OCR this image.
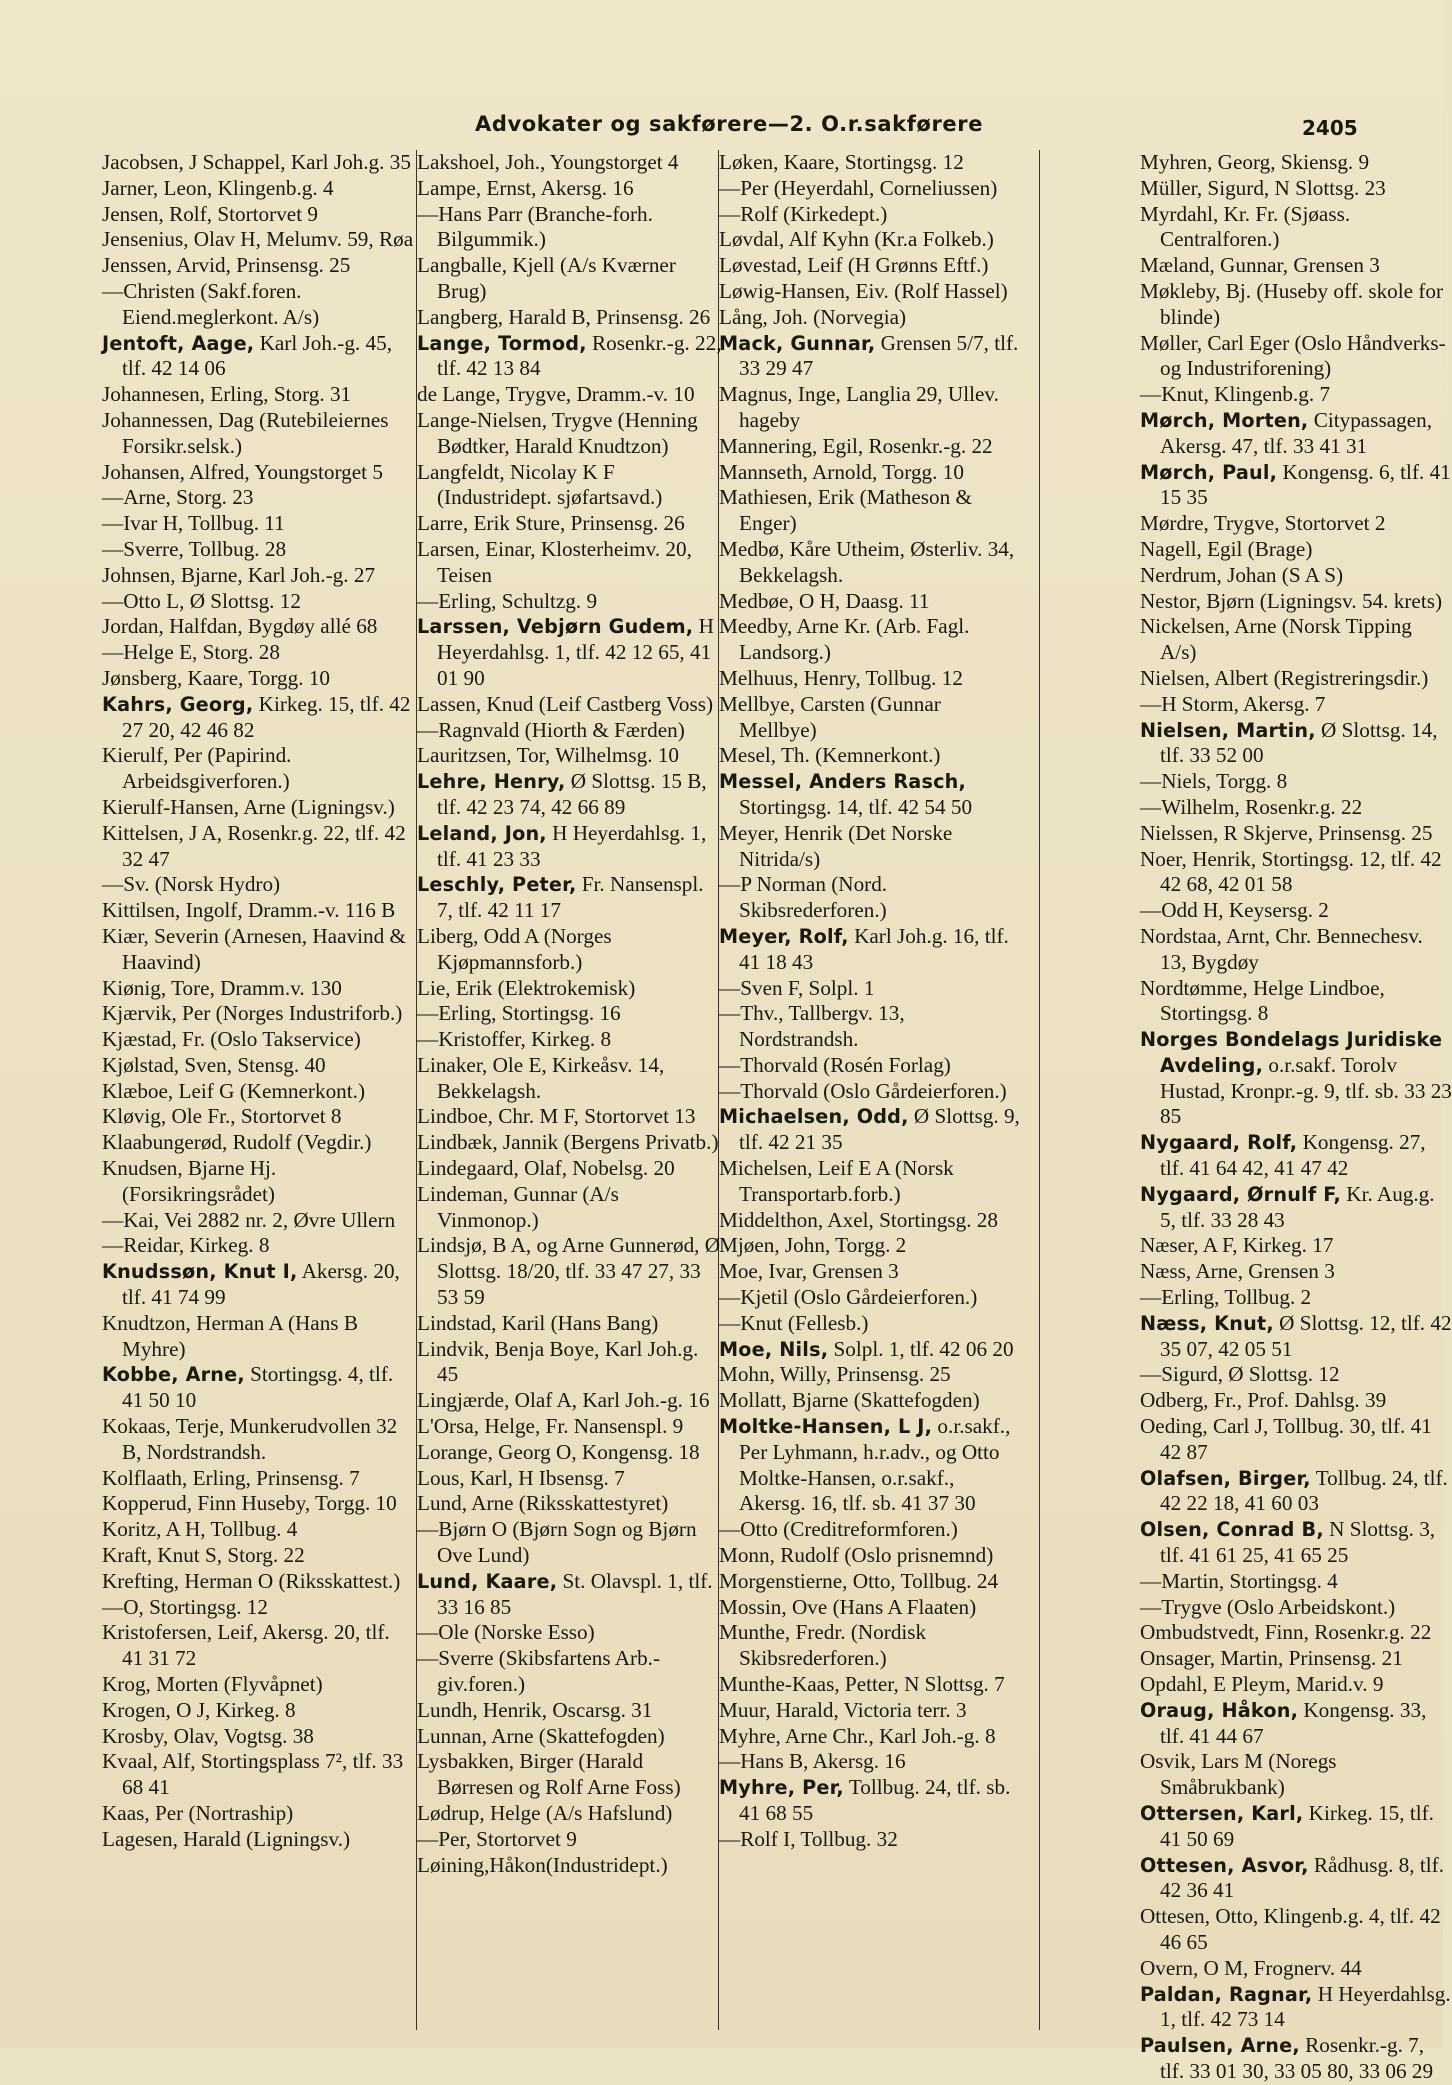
Advokater og sakførere—2. O.r.sakførere	2405

Jacobsen, J Schappel, Karl Joh.g. 35

Jarner, Leon, Klingenb.g. 4

Jensen, Rolf, Stortorvet 9

Jensenius, Olav H, Melumv. 59, Røa

Jenssen, Arvid, Prinsensg. 25

—Christen (Sakf.foren. Eiend.meglerkont. A/s)

Jentoft, Aage, Karl Joh.-g. 45, tlf. 42 14 06

Johannesen, Erling, Storg. 31

Johannessen, Dag (Rutebileiernes Forsikr.selsk.)

Johansen, Alfred, Youngstorget 5

—Arne, Storg. 23

—Ivar H, Tollbug. 11

—Sverre, Tollbug. 28

Johnsen, Bjarne, Karl Joh.-g. 27

—Otto L, Ø Slottsg. 12

Jordan, Halfdan, Bygdøy allé 68

—Helge E, Storg. 28

Jønsberg, Kaare, Torgg. 10

Kahrs, Georg, Kirkeg. 15, tlf. 42 27 20, 42 46 82

Kierulf, Per (Papirind. Arbeidsgiverforen.)

Kierulf-Hansen, Arne (Ligningsv.)

Kittelsen, J A, Rosenkr.g. 22, tlf. 42 32 47

—Sv. (Norsk Hydro)

Kittilsen, Ingolf, Dramm.-v. 116 B

Kiær, Severin (Arnesen, Haavind & Haavind)

Kiønig, Tore, Dramm.v. 130

Kjærvik, Per (Norges Industriforb.)

Kjæstad, Fr. (Oslo Takservice)

Kjølstad, Sven, Stensg. 40

Klæboe, Leif G (Kemnerkont.)

Kløvig, Ole Fr., Stortorvet 8

Klaabungerød, Rudolf (Vegdir.)

Knudsen, Bjarne Hj. (Forsikringsrådet)

—Kai, Vei 2882 nr. 2, Øvre Ullern

—Reidar, Kirkeg. 8

Knudssøn, Knut I, Akersg. 20, tlf. 41 74 99

Knudtzon, Herman A (Hans B Myhre)

Kobbe, Arne, Stortingsg. 4, tlf. 41 50 10

Kokaas, Terje, Munkerudvollen 32 B, Nordstrandsh.

Kolflaath, Erling, Prinsensg. 7

Kopperud, Finn Huseby, Torgg. 10

Koritz, A H, Tollbug. 4

Kraft, Knut S, Storg. 22

Krefting, Herman O (Riksskattest.)

—O, Stortingsg. 12

Kristofersen, Leif, Akersg. 20, tlf. 41 31 72

Krog, Morten (Flyvåpnet)

Krogen, O J, Kirkeg. 8

Krosby, Olav, Vogtsg. 38

Kvaal, Alf, Stortingsplass 7², tlf. 33 68 41

Kaas, Per (Nortraship)

Lagesen, Harald (Ligningsv.)

Lakshoel, Joh., Youngstorget 4

Lampe, Ernst, Akersg. 16

—Hans Parr (Branche-forh. Bilgummik.)

Langballe, Kjell (A/s Kværner Brug)

Langberg, Harald B, Prinsensg. 26

Lange, Tormod, Rosenkr.-g. 22, tlf. 42 13 84

de Lange, Trygve, Dramm.-v. 10

Lange-Nielsen, Trygve (Henning Bødtker, Harald Knudtzon)

Langfeldt, Nicolay K F (Industridept. sjøfartsavd.)

Larre, Erik Sture, Prinsensg. 26

Larsen, Einar, Klosterheimv. 20, Teisen

—Erling, Schultzg. 9

Larssen, Vebjørn Gudem, H Heyerdahlsg. 1, tlf. 42 12 65, 41 01 90

Lassen, Knud (Leif Castberg Voss)

—Ragnvald (Hiorth & Færden)

Lauritzsen, Tor, Wilhelmsg. 10

Lehre, Henry, Ø Slottsg. 15 B, tlf. 42 23 74, 42 66 89

Leland, Jon, H Heyerdahlsg. 1, tlf. 41 23 33

Leschly, Peter, Fr. Nansenspl. 7, tlf. 42 11 17

Liberg, Odd A (Norges Kjøpmannsforb.)

Lie, Erik (Elektrokemisk)

—Erling, Stortingsg. 16

—Kristoffer, Kirkeg. 8

Linaker, Ole E, Kirkeåsv. 14, Bekkelagsh.

Lindboe, Chr. M F, Stortorvet 13

Lindbæk, Jannik (Bergens Privatb.)

Lindegaard, Olaf, Nobelsg. 20

Lindeman, Gunnar (A/s Vinmonop.)

Lindsjø, B A, og Arne Gunnerød, Ø Slottsg. 18/20, tlf. 33 47 27, 33 53 59

Lindstad, Karil (Hans Bang)

Lindvik, Benja Boye, Karl Joh.g. 45

Lingjærde, Olaf A, Karl Joh.-g. 16

L'Orsa, Helge, Fr. Nansenspl. 9

Lorange, Georg O, Kongensg. 18

Lous, Karl, H Ibsensg. 7

Lund, Arne (Riksskattestyret)

—Bjørn O (Bjørn Sogn og Bjørn Ove Lund)

Lund, Kaare, St. Olavspl. 1, tlf. 33 16 85

—Ole (Norske Esso)

—Sverre (Skibsfartens Arb.-giv.foren.)

Lundh, Henrik, Oscarsg. 31

Lunnan, Arne (Skattefogden)

Lysbakken, Birger (Harald Børresen og Rolf Arne Foss)

Lødrup, Helge (A/s Hafslund)

—Per, Stortorvet 9

Løining,Håkon(Industridept.)

Løken, Kaare, Stortingsg. 12

—Per (Heyerdahl, Corneliussen)

—Rolf (Kirkedept.)

Løvdal, Alf Kyhn (Kr.a Folkeb.)

Løvestad, Leif (H Grønns Eftf.)

Løwig-Hansen, Eiv. (Rolf Hassel)

Lång, Joh. (Norvegia)

Mack, Gunnar, Grensen 5/7, tlf. 33 29 47

Magnus, Inge, Langlia 29, Ullev. hageby

Mannering, Egil, Rosenkr.-g. 22

Mannseth, Arnold, Torgg. 10

Mathiesen, Erik (Matheson & Enger)

Medbø, Kåre Utheim, Østerliv. 34, Bekkelagsh.

Medbøe, O H, Daasg. 11

Meedby, Arne Kr. (Arb. Fagl. Landsorg.)

Melhuus, Henry, Tollbug. 12

Mellbye, Carsten (Gunnar Mellbye)

Mesel, Th. (Kemnerkont.)

Messel, Anders Rasch, Stortingsg. 14, tlf. 42 54 50

Meyer, Henrik (Det Norske Nitrida/s)

—P Norman (Nord. Skibsrederforen.)

Meyer, Rolf, Karl Joh.g. 16, tlf. 41 18 43

—Sven F, Solpl. 1

—Thv., Tallbergv. 13, Nordstrandsh.

—Thorvald (Rosén Forlag)

—Thorvald (Oslo Gårdeierforen.)

Michaelsen, Odd, Ø Slottsg. 9, tlf. 42 21 35

Michelsen, Leif E A (Norsk Transportarb.forb.)

Middelthon, Axel, Stortingsg. 28

Mjøen, John, Torgg. 2

Moe, Ivar, Grensen 3

—Kjetil (Oslo Gårdeierforen.)

—Knut (Fellesb.)

Moe, Nils, Solpl. 1, tlf. 42 06 20

Mohn, Willy, Prinsensg. 25

Mollatt, Bjarne (Skattefogden)

Moltke-Hansen, L J, o.r.sakf., Per Lyhmann, h.r.adv., og Otto Moltke-Hansen, o.r.sakf., Akersg. 16, tlf. sb. 41 37 30

—Otto (Creditreformforen.)

Monn, Rudolf (Oslo prisnemnd)

Morgenstierne, Otto, Tollbug. 24

Mossin, Ove (Hans A Flaaten)

Munthe, Fredr. (Nordisk Skibsrederforen.)

Munthe-Kaas, Petter, N Slottsg. 7

Muur, Harald, Victoria terr. 3

Myhre, Arne Chr., Karl Joh.-g. 8

—Hans B, Akersg. 16

Myhre, Per, Tollbug. 24, tlf. sb. 41 68 55

—Rolf I, Tollbug. 32

Myhren, Georg, Skiensg. 9

Müller, Sigurd, N Slottsg. 23

Myrdahl, Kr. Fr. (Sjøass. Centralforen.)

Mæland, Gunnar, Grensen 3

Møkleby, Bj. (Huseby off. skole for blinde)

Møller, Carl Eger (Oslo Håndverks- og Industriforening)

—Knut, Klingenb.g. 7

Mørch, Morten, Citypassagen, Akersg. 47, tlf. 33 41 31

Mørch, Paul, Kongensg. 6, tlf. 41 15 35

Mørdre, Trygve, Stortorvet 2

Nagell, Egil (Brage)

Nerdrum, Johan (S A S)

Nestor, Bjørn (Ligningsv. 54. krets)

Nickelsen, Arne (Norsk Tipping A/s)

Nielsen, Albert (Registreringsdir.)

—H Storm, Akersg. 7

Nielsen, Martin, Ø Slottsg. 14, tlf. 33 52 00

—Niels, Torgg. 8

—Wilhelm, Rosenkr.g. 22

Nielssen, R Skjerve, Prinsensg. 25

Noer, Henrik, Stortingsg. 12, tlf. 42 42 68, 42 01 58

—Odd H, Keysersg. 2

Nordstaa, Arnt, Chr. Bennechesv. 13, Bygdøy

Nordtømme, Helge Lindboe, Stortingsg. 8

Norges Bondelags Juridiske Avdeling, o.r.sakf. Torolv Hustad, Kronpr.-g. 9, tlf. sb. 33 23 85

Nygaard, Rolf, Kongensg. 27, tlf. 41 64 42, 41 47 42

Nygaard, Ørnulf F, Kr. Aug.g. 5, tlf. 33 28 43

Næser, A F, Kirkeg. 17

Næss, Arne, Grensen 3

—Erling, Tollbug. 2

Næss, Knut, Ø Slottsg. 12, tlf. 42 35 07, 42 05 51

—Sigurd, Ø Slottsg. 12

Odberg, Fr., Prof. Dahlsg. 39

Oeding, Carl J, Tollbug. 30, tlf. 41 42 87

Olafsen, Birger, Tollbug. 24, tlf. 42 22 18, 41 60 03

Olsen, Conrad B, N Slottsg. 3, tlf. 41 61 25, 41 65 25

—Martin, Stortingsg. 4

—Trygve (Oslo Arbeidskont.)

Ombudstvedt, Finn, Rosenkr.g. 22

Onsager, Martin, Prinsensg. 21

Opdahl, E Pleym, Marid.v. 9

Oraug, Håkon, Kongensg. 33, tlf. 41 44 67

Osvik, Lars M (Noregs Småbrukbank)

Ottersen, Karl, Kirkeg. 15, tlf. 41 50 69

Ottesen, Asvor, Rådhusg. 8, tlf. 42 36 41

Ottesen, Otto, Klingenb.g. 4, tlf. 42 46 65

Overn, O M, Frognerv. 44

Paldan, Ragnar, H Heyerdahlsg. 1, tlf. 42 73 14

Paulsen, Arne, Rosenkr.-g. 7, tlf. 33 01 30, 33 05 80, 33 06 29
